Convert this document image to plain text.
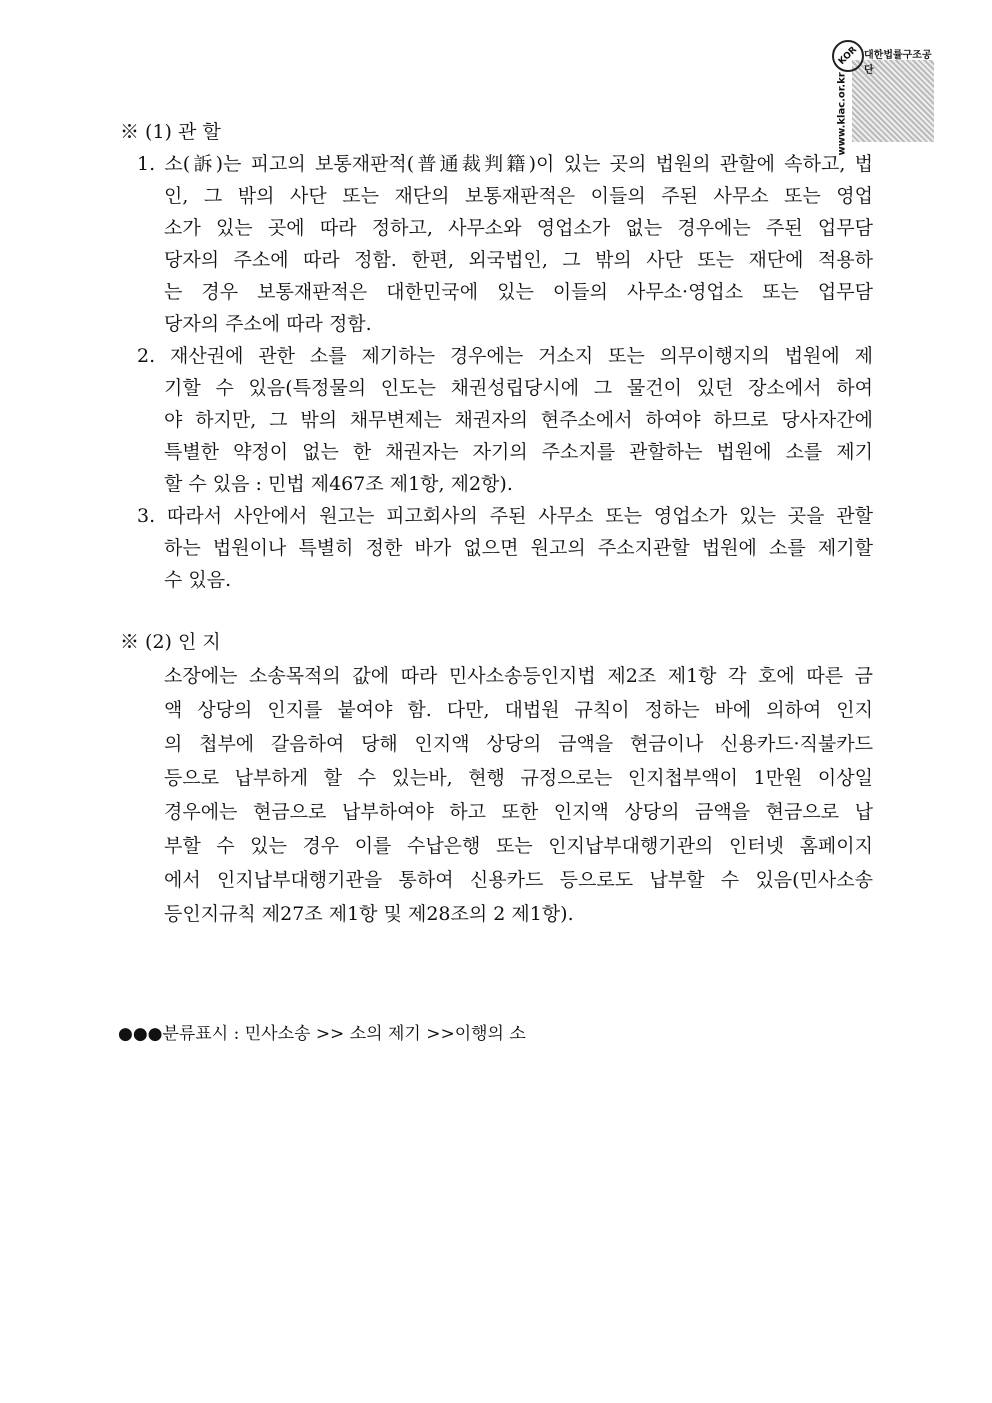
KOR 대한법률구조공단
www.klac.or.kr
※ (1) 관 할
1. 소(訴)는 피고의 보통재판적(普通裁判籍)이 있는 곳의 법원의 관할에 속하고, 법
인, 그 밖의 사단 또는 재단의 보통재판적은 이들의 주된 사무소 또는 영업
소가 있는 곳에 따라 정하고, 사무소와 영업소가 없는 경우에는 주된 업무담
당자의 주소에 따라 정함. 한편, 외국법인, 그 밖의 사단 또는 재단에 적용하
는 경우 보통재판적은 대한민국에 있는 이들의 사무소·영업소 또는 업무담
당자의 주소에 따라 정함.
2. 재산권에 관한 소를 제기하는 경우에는 거소지 또는 의무이행지의 법원에 제
기할 수 있음(특정물의 인도는 채권성립당시에 그 물건이 있던 장소에서 하여
야 하지만, 그 밖의 채무변제는 채권자의 현주소에서 하여야 하므로 당사자간에
특별한 약정이 없는 한 채권자는 자기의 주소지를 관할하는 법원에 소를 제기
할 수 있음 : 민법 제467조 제1항, 제2항).
3. 따라서 사안에서 원고는 피고회사의 주된 사무소 또는 영업소가 있는 곳을 관할
하는 법원이나 특별히 정한 바가 없으면 원고의 주소지관할 법원에 소를 제기할
수 있음.
※ (2) 인 지
소장에는 소송목적의 값에 따라 민사소송등인지법 제2조 제1항 각 호에 따른 금
액 상당의 인지를 붙여야 함. 다만, 대법원 규칙이 정하는 바에 의하여 인지
의 첩부에 갈음하여 당해 인지액 상당의 금액을 현금이나 신용카드·직불카드
등으로 납부하게 할 수 있는바, 현행 규정으로는 인지첩부액이 1만원 이상일
경우에는 현금으로 납부하여야 하고 또한 인지액 상당의 금액을 현금으로 납
부할 수 있는 경우 이를 수납은행 또는 인지납부대행기관의 인터넷 홈페이지
에서 인지납부대행기관을 통하여 신용카드 등으로도 납부할 수 있음(민사소송
등인지규칙 제27조 제1항 및 제28조의 2 제1항).
●●●분류표시 : 민사소송 >> 소의 제기 >>이행의 소
